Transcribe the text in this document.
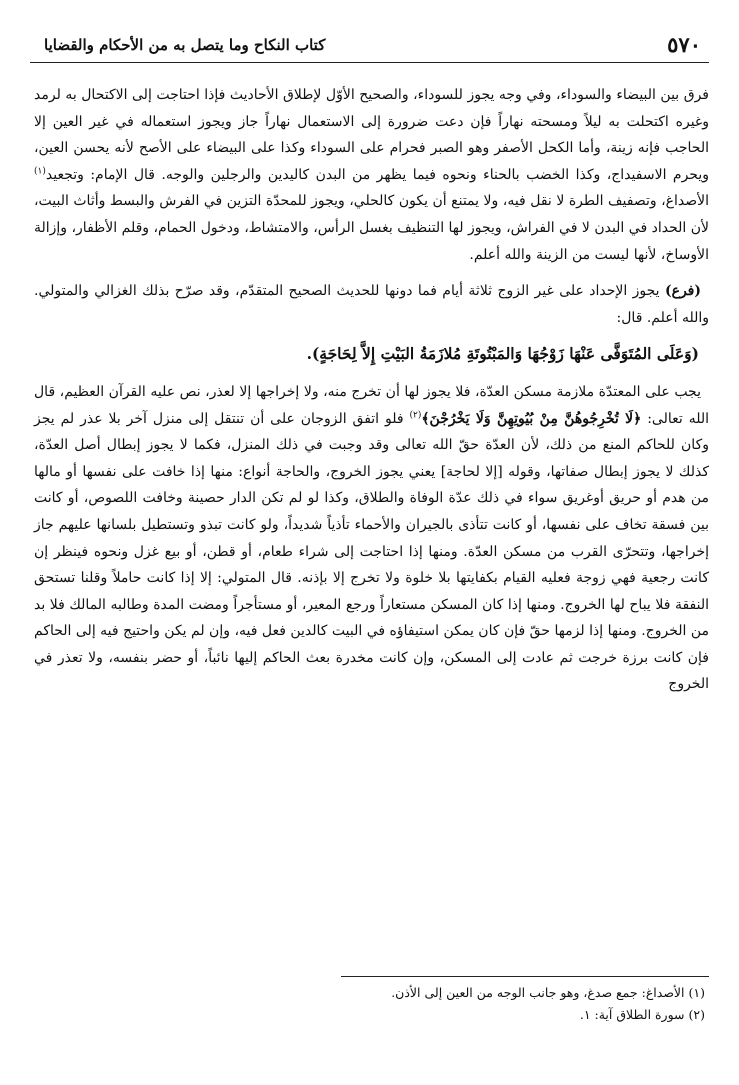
٥٧٠
كتاب النكاح وما يتصل به من الأحكام والقضايا

فرق بين البيضاء والسوداء، وفي وجه يجوز للسوداء، والصحيح الأوّل لإطلاق الأحاديث فإذا احتاجت إلى الاكتحال به لرمد وغيره اكتحلت به ليلاً ومسحته نهاراً فإن دعت ضرورة إلى الاستعمال نهاراً جاز ويجوز استعماله في غير العين إلا الحاجب فإنه زينة، وأما الكحل الأصفر وهو الصبر فحرام على السوداء وكذا على البيضاء على الأصح لأنه يحسن العين، ويحرم الاسفيداج، وكذا الخضب بالحناء ونحوه فيما يظهر من البدن كاليدين والرجلين والوجه. قال الإمام: وتجعيد$^{(١)}$ الأصداغ، وتصفيف الطرة لا نقل فيه، ولا يمتنع أن يكون كالحلي، ويجوز للمحدّة التزين في الفرش والبسط وأثاث البيت، لأن الحداد في البدن لا في الفراش، ويجوز لها التنظيف بغسل الرأس، والامتشاط، ودخول الحمام، وقلم الأظفار، وإزالة الأوساخ، لأنها ليست من الزينة والله أعلم.

(فرع) يجوز الإحداد على غير الزوج ثلاثة أيام فما دونها للحديث الصحيح المتقدّم، وقد صرّح بذلك الغزالي والمتولي. والله أعلم. قال:

(وَعَلَى المُتَوَفَّى عَنْهَا زَوْجُهَا وَالمَبْتُوتَةِ مُلازَمَةُ البَيْتِ إِلاَّ لِحَاجَةٍ).

يجب على المعتدّة ملازمة مسكن العدّة، فلا يجوز لها أن تخرج منه، ولا إخراجها إلا لعذر، نص عليه القرآن العظيم، قال الله تعالى: ﴿لَا تُخْرِجُوهُنَّ مِنْ بُيُوتِهِنَّ وَلَا يَخْرُجْنَ﴾$^{(٢)}$ فلو اتفق الزوجان على أن تنتقل إلى منزل آخر بلا عذر لم يجز وكان للحاكم المنع من ذلك، لأن العدّة حقّ الله تعالى وقد وجبت في ذلك المنزل، فكما لا يجوز إبطال أصل العدّة، كذلك لا يجوز إبطال صفاتها، وقوله [إلا لحاجة] يعني يجوز الخروج، والحاجة أنواع: منها إذا خافت على نفسها أو مالها من هدم أو حريق أوغريق سواء في ذلك عدّة الوفاة والطلاق، وكذا لو لم تكن الدار حصينة وخافت اللصوص، أو كانت بين فسقة تخاف على نفسها، أو كانت تتأذى بالجيران والأحماء تأذياً شديداً، ولو كانت تبذو وتستطيل بلسانها عليهم جاز إخراجها، وتتحرّى القرب من مسكن العدّة. ومنها إذا احتاجت إلى شراء طعام، أو قطن، أو بيع غزل ونحوه فينظر إن كانت رجعية فهي زوجة فعليه القيام بكفايتها بلا خلوة ولا تخرج إلا بإذنه. قال المتولي: إلا إذا كانت حاملاً وقلنا تستحق النفقة فلا يباح لها الخروج. ومنها إذا كان المسكن مستعاراً ورجع المعير، أو مستأجراً ومضت المدة وطالبه المالك فلا بد من الخروج. ومنها إذا لزمها حقّ فإن كان يمكن استيفاؤه في البيت كالدين فعل فيه، وإن لم يكن واحتيج فيه إلى الحاكم فإن كانت برزة خرجت ثم عادت إلى المسكن، وإن كانت مخدرة بعث الحاكم إليها نائباً، أو حضر بنفسه، ولا تعذر في الخروج

(١) الأصداغ: جمع صدغ، وهو جانب الوجه من العين إلى الأذن.

(٢) سورة الطلاق آية: ١.
